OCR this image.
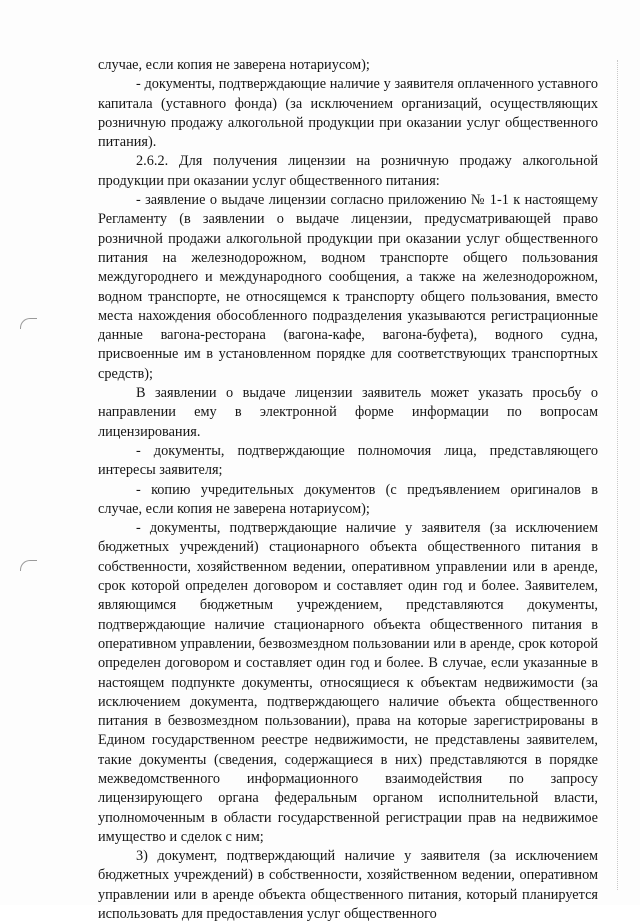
случае, если копия не заверена нотариусом);

- документы, подтверждающие наличие у заявителя оплаченного уставного капитала (уставного фонда) (за исключением организаций, осуществляющих розничную продажу алкогольной продукции при оказании услуг общественного питания).

2.6.2. Для получения лицензии на розничную продажу алкогольной продукции при оказании услуг общественного питания:

- заявление о выдаче лицензии согласно приложению № 1-1 к настоящему Регламенту (в заявлении о выдаче лицензии, предусматривающей право розничной продажи алкогольной продукции при оказании услуг общественного питания на железнодорожном, водном транспорте общего пользования междугороднего и международного сообщения, а также на железнодорожном, водном транспорте, не относящемся к транспорту общего пользования, вместо места нахождения обособленного подразделения указываются регистрационные данные вагона-ресторана (вагона-кафе, вагона-буфета), водного судна, присвоенные им в установленном порядке для соответствующих транспортных средств);

В заявлении о выдаче лицензии заявитель может указать просьбу о направлении ему в электронной форме информации по вопросам лицензирования.

- документы, подтверждающие полномочия лица, представляющего интересы заявителя;

- копию учредительных документов (с предъявлением оригиналов в случае, если копия не заверена нотариусом);

- документы, подтверждающие наличие у заявителя (за исключением бюджетных учреждений) стационарного объекта общественного питания в собственности, хозяйственном ведении, оперативном управлении или в аренде, срок которой определен договором и составляет один год и более. Заявителем, являющимся бюджетным учреждением, представляются документы, подтверждающие наличие стационарного объекта общественного питания в оперативном управлении, безвозмездном пользовании или в аренде, срок которой определен договором и составляет один год и более. В случае, если указанные в настоящем подпункте документы, относящиеся к объектам недвижимости (за исключением документа, подтверждающего наличие объекта общественного питания в безвозмездном пользовании), права на которые зарегистрированы в Едином государственном реестре недвижимости, не представлены заявителем, такие документы (сведения, содержащиеся в них) представляются в порядке межведомственного информационного взаимодействия по запросу лицензирующего органа федеральным органом исполнительной власти, уполномоченным в области государственной регистрации прав на недвижимое имущество и сделок с ним;

3) документ, подтверждающий наличие у заявителя (за исключением бюджетных учреждений) в собственности, хозяйственном ведении, оперативном управлении или в аренде объекта общественного питания, который планируется использовать для предоставления услуг общественного
